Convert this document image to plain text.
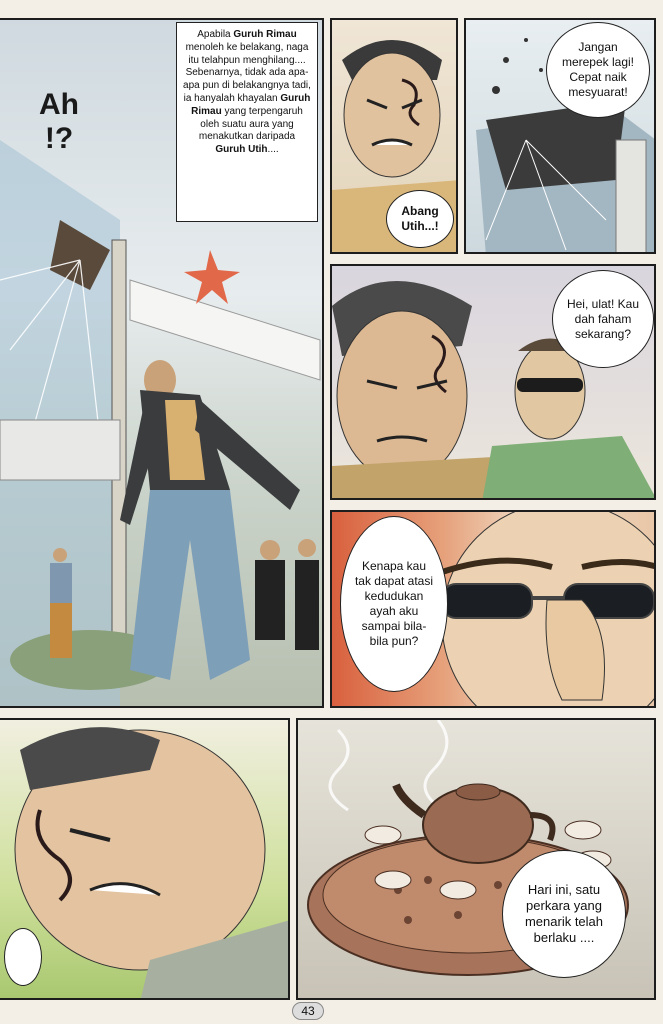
Ah
!?
Apabila Guruh Rimau menoleh ke belakang, naga itu telahpun menghilang.... Sebenarnya, tidak ada apa-apa pun di belakangnya tadi, ia hanyalah khayalan Guruh Rimau yang terpengaruh oleh suatu aura yang menakutkan daripada Guruh Utih....
Abang Utih...!
Jangan merepek lagi! Cepat naik mesyuarat!
Hei, ulat! Kau dah faham sekarang?
Kenapa kau tak dapat atasi kedudukan ayah aku sampai bila-bila pun?
Hari ini, satu perkara yang menarik telah berlaku ....
43
